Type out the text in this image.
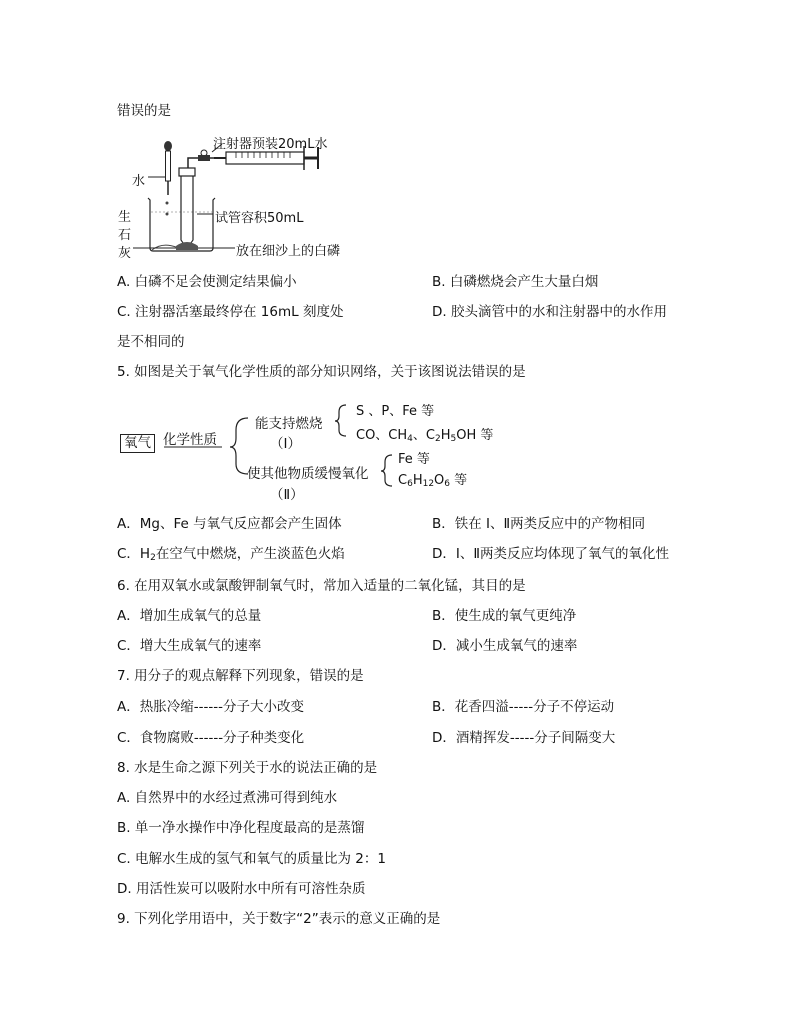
错误的是
注射器预装20mL水
水
生
石
灰
试管容积50mL
放在细沙上的白磷
A. 白磷不足会使测定结果偏小	B. 白磷燃烧会产生大量白烟
C. 注射器活塞最终停在 16mL 刻度处	D. 胶头滴管中的水和注射器中的水作用
是不相同的
5. 如图是关于氧气化学性质的部分知识网络，关于该图说法错误的是
氧气 化学性质
能支持燃烧
（Ⅰ）
S 、P、Fe 等
CO、$CH_4$、$C_2H_5OH$ 等
使其他物质缓慢氧化
（Ⅱ）
Fe 等
$C_6H_{12}O_6$ 等
A．Mg、Fe 与氧气反应都会产生固体	B．铁在 I、Ⅱ两类反应中的产物相同
C．$H_2$在空气中燃烧，产生淡蓝色火焰	D．I、Ⅱ两类反应均体现了氧气的氧化性
6. 在用双氧水或氯酸钾制氧气时，常加入适量的二氧化锰，其目的是
A．增加生成氧气的总量	B．使生成的氧气更纯净
C．增大生成氧气的速率	D．减小生成氧气的速率
7. 用分子的观点解释下列现象，错误的是
A．热胀冷缩------分子大小改变	B．花香四溢-----分子不停运动
C．食物腐败------分子种类变化	D．酒精挥发-----分子间隔变大
8. 水是生命之源下列关于水的说法正确的是
A. 自然界中的水经过煮沸可得到纯水
B. 单一净水操作中净化程度最高的是蒸馏
C. 电解水生成的氢气和氧气的质量比为 2：1
D. 用活性炭可以吸附水中所有可溶性杂质
9. 下列化学用语中，关于数字“2”表示的意义正确的是
